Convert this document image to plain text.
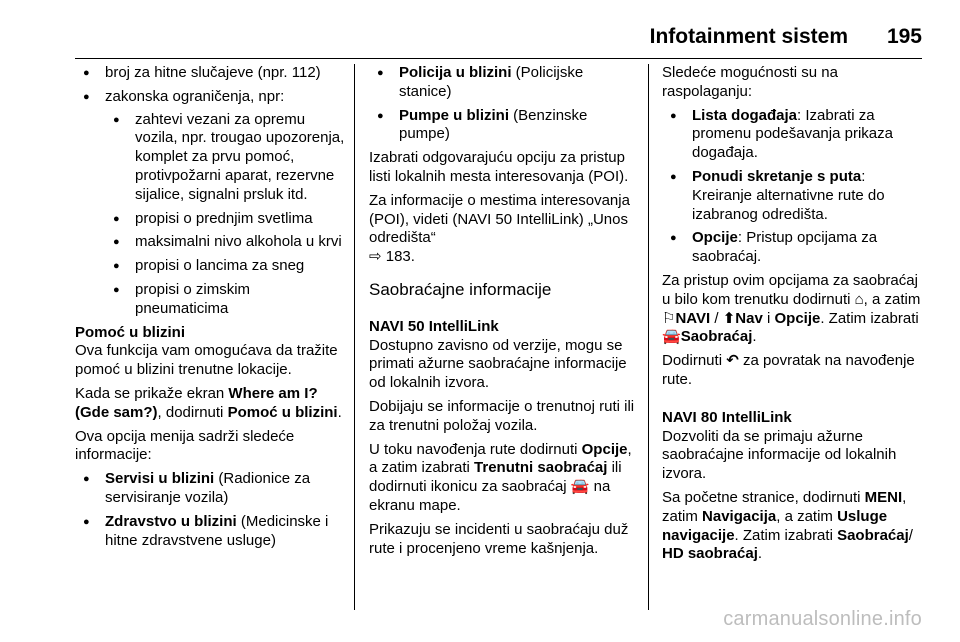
Infotainment sistem 195
● broj za hitne slučajeve (npr. 112)
● zakonska ograničenja, npr:
● zahtevi vezani za opremu vozila, npr. trougao upozorenja, komplet za prvu pomoć, protivpožarni aparat, rezervne sijalice, signalni prsluk itd.
● propisi o prednjim svetlima
● maksimalni nivo alkohola u krvi
● propisi o lancima za sneg
● propisi o zimskim pneumaticima

Pomoć u blizini

Ova funkcija vam omogućava da tražite pomoć u blizini trenutne lokacije.

Kada se prikaže ekran Where am I? (Gde sam?), dodirnuti Pomoć u blizini.

Ova opcija menija sadrži sledeće informacije:

● Servisi u blizini (Radionice za servisiranje vozila)
● Zdravstvo u blizini (Medicinske i hitne zdravstvene usluge)
● Policija u blizini (Policijske stanice)
● Pumpe u blizini (Benzinske pumpe)

Izabrati odgovarajuću opciju za pristup listi lokalnih mesta interesovanja (POI).

Za informacije o mestima interesovanja (POI), videti (NAVI 50 IntelliLink) „Unos odredišta“
⇨ 183.

Saobraćajne informacije

NAVI 50 IntelliLink

Dostupno zavisno od verzije, mogu se primati ažurne saobraćajne informacije od lokalnih izvora.

Dobijaju se informacije o trenutnoj ruti ili za trenutni položaj vozila.

U toku navođenja rute dodirnuti Opcije, a zatim izabrati Trenutni saobraćaj ili dodirnuti ikonicu za saobraćaj 🚘 na ekranu mape.

Prikazuju se incidenti u saobraćaju duž rute i procenjeno vreme kašnjenja.

Sledeće mogućnosti su na raspolaganju:

● Lista događaja: Izabrati za promenu podešavanja prikaza događaja.
● Ponudi skretanje s puta: Kreiranje alternativne rute do izabranog odredišta.
● Opcije: Pristup opcijama za saobraćaj.

Za pristup ovim opcijama za saobraćaj u bilo kom trenutku dodirnuti ⌂, a zatim ⚐NAVI / ⬆Nav i Opcije. Zatim izabrati 🚘Saobraćaj.

Dodirnuti ↶ za povratak na navođenje rute.

NAVI 80 IntelliLink

Dozvoliti da se primaju ažurne saobraćajne informacije od lokalnih izvora.

Sa početne stranice, dodirnuti MENI, zatim Navigacija, a zatim Usluge navigacije. Zatim izabrati Saobraćaj/ HD saobraćaj.

carmanualsonline.info
